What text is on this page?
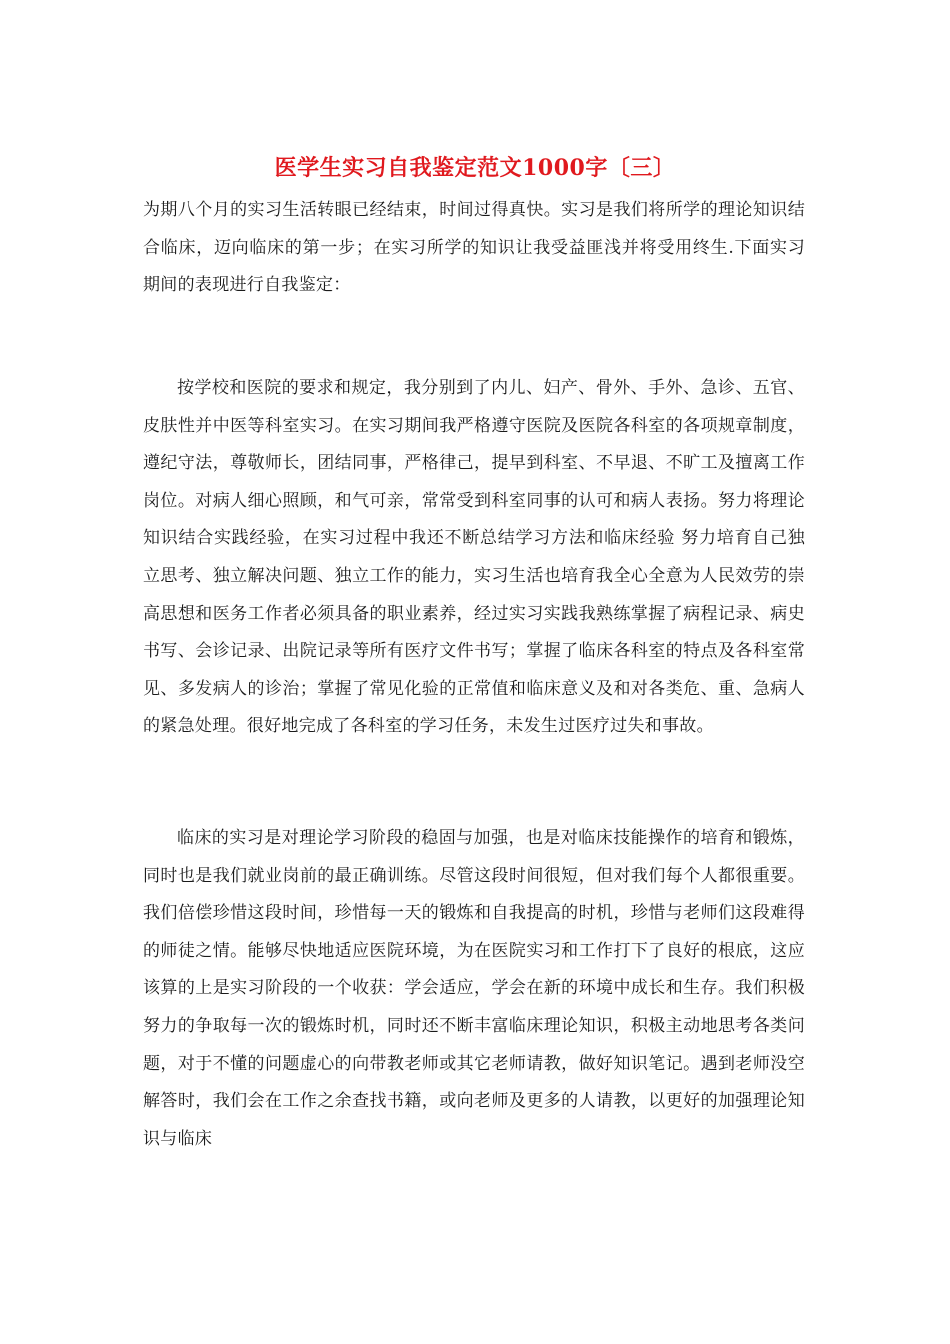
医学生实习自我鉴定范文1000字〔三〕

为期八个月的实习生活转眼已经结束，时间过得真快。实习是我们将所学的理论知识结合临床，迈向临床的第一步；在实习所学的知识让我受益匪浅并将受用终生.下面实习期间的表现进行自我鉴定：

按学校和医院的要求和规定，我分别到了内儿、妇产、骨外、手外、急诊、五官、皮肤性并中医等科室实习。在实习期间我严格遵守医院及医院各科室的各项规章制度，遵纪守法，尊敬师长，团结同事，严格律己，提早到科室、不早退、不旷工及擅离工作岗位。对病人细心照顾，和气可亲，常常受到科室同事的认可和病人表扬。努力将理论知识结合实践经验，在实习过程中我还不断总结学习方法和临床经验 努力培育自己独立思考、独立解决问题、独立工作的能力，实习生活也培育我全心全意为人民效劳的崇高思想和医务工作者必须具备的职业素养，经过实习实践我熟练掌握了病程记录、病史书写、会诊记录、出院记录等所有医疗文件书写；掌握了临床各科室的特点及各科室常见、多发病人的诊治；掌握了常见化验的正常值和临床意义及和对各类危、重、急病人的紧急处理。很好地完成了各科室的学习任务，未发生过医疗过失和事故。

临床的实习是对理论学习阶段的稳固与加强，也是对临床技能操作的培育和锻炼，同时也是我们就业岗前的最正确训练。尽管这段时间很短，但对我们每个人都很重要。我们倍偿珍惜这段时间，珍惜每一天的锻炼和自我提高的时机，珍惜与老师们这段难得的师徒之情。能够尽快地适应医院环境，为在医院实习和工作打下了良好的根底，这应该算的上是实习阶段的一个收获：学会适应，学会在新的环境中成长和生存。我们积极努力的争取每一次的锻炼时机，同时还不断丰富临床理论知识，积极主动地思考各类问题，对于不懂的问题虚心的向带教老师或其它老师请教，做好知识笔记。遇到老师没空解答时，我们会在工作之余查找书籍，或向老师及更多的人请教，以更好的加强理论知识与临床
